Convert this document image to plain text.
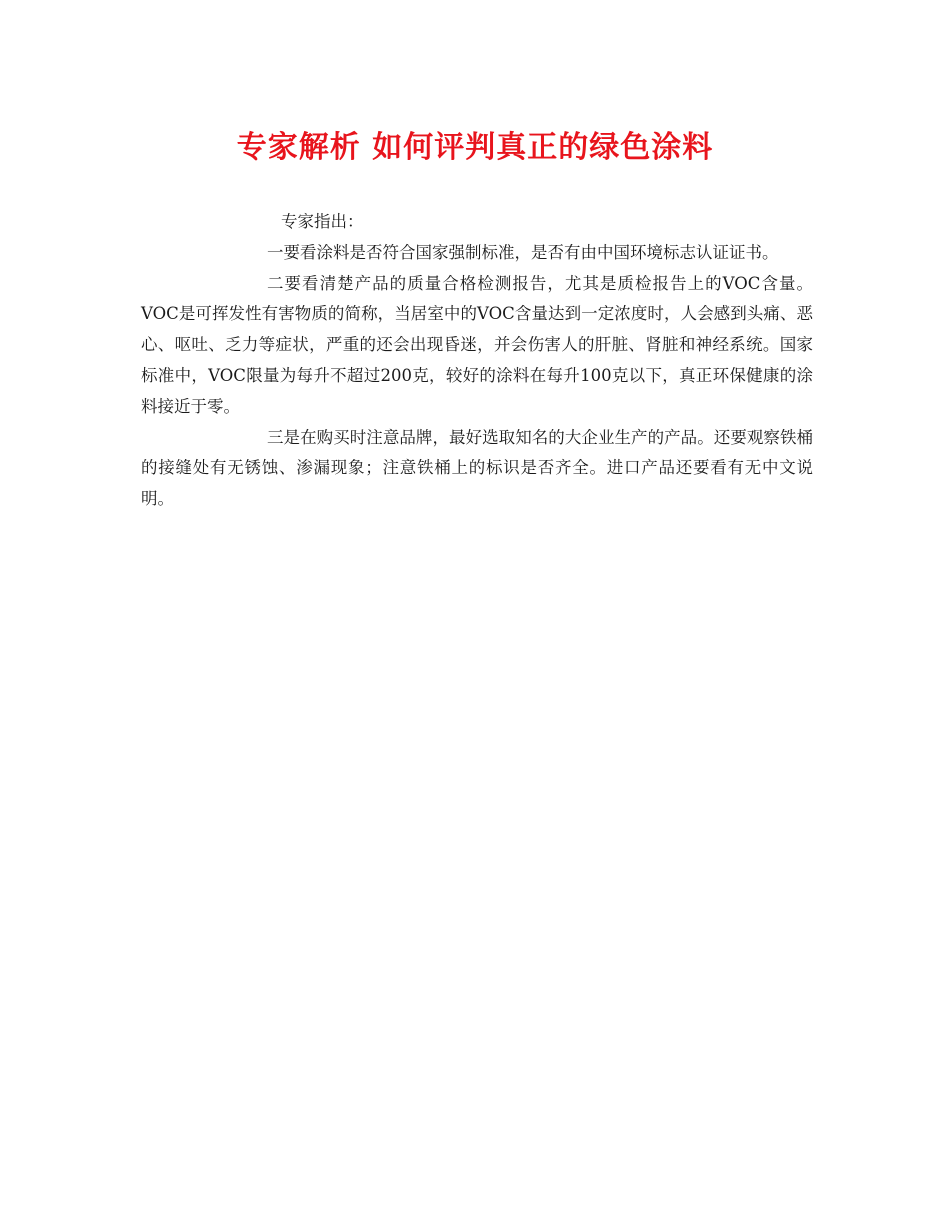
专家解析 如何评判真正的绿色涂料

专家指出：

一要看涂料是否符合国家强制标准，是否有由中国环境标志认证证书。

二要看清楚产品的质量合格检测报告，尤其是质检报告上的VOC含量。VOC是可挥发性有害物质的简称，当居室中的VOC含量达到一定浓度时，人会感到头痛、恶心、呕吐、乏力等症状，严重的还会出现昏迷，并会伤害人的肝脏、肾脏和神经系统。国家标准中，VOC限量为每升不超过200克，较好的涂料在每升100克以下，真正环保健康的涂料接近于零。

三是在购买时注意品牌，最好选取知名的大企业生产的产品。还要观察铁桶的接缝处有无锈蚀、渗漏现象；注意铁桶上的标识是否齐全。进口产品还要看有无中文说明。
